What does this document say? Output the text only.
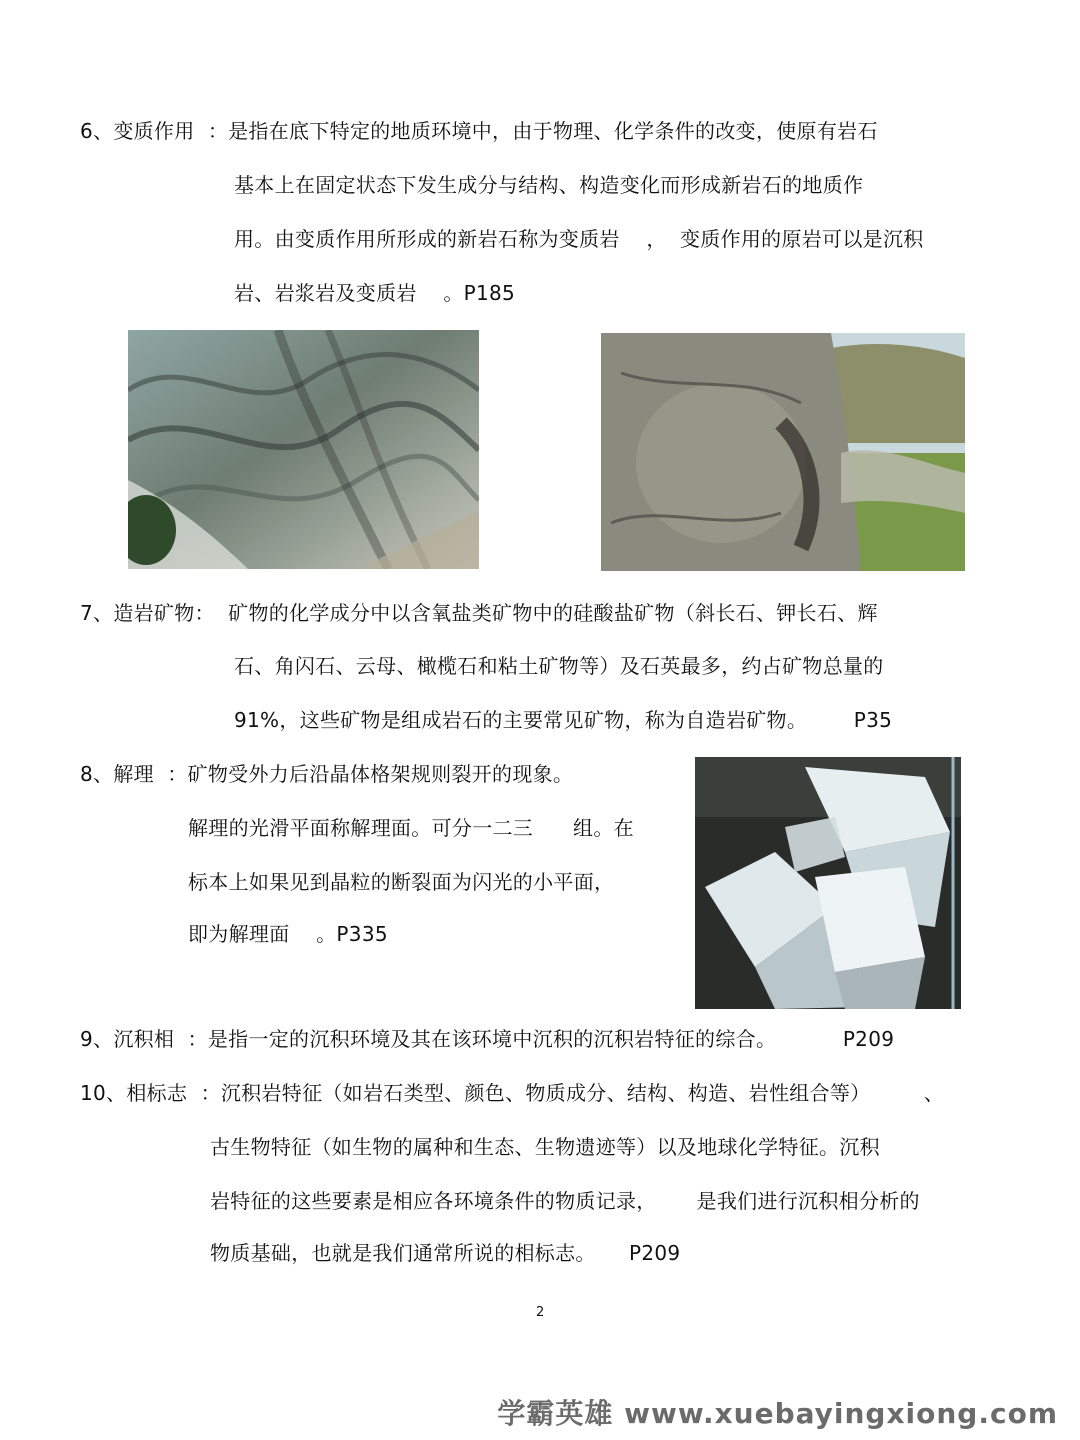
6、变质作用  ：是指在底下特定的地质环境中，由于物理、化学条件的改变，使原有岩石
基本上在固定状态下发生成分与结构、构造变化而形成新岩石的地质作
用。由变质作用所形成的新岩石称为变质岩    ，  变质作用的原岩可以是沉积
岩、岩浆岩及变质岩    。P185
7、造岩矿物：  矿物的化学成分中以含氧盐类矿物中的硅酸盐矿物（斜长石、钾长石、辉
石、角闪石、云母、橄榄石和粘土矿物等）及石英最多，约占矿物总量的
91%，这些矿物是组成岩石的主要常见矿物，称为自造岩矿物。       P35
8、解理  ：矿物受外力后沿晶体格架规则裂开的现象。
解理的光滑平面称解理面。可分一二三      组。在
标本上如果见到晶粒的断裂面为闪光的小平面，
即为解理面    。P335
9、沉积相  ：是指一定的沉积环境及其在该环境中沉积的沉积岩特征的综合。          P209
10、相标志  ：沉积岩特征（如岩石类型、颜色、物质成分、结构、构造、岩性组合等）        、
古生物特征（如生物的属种和生态、生物遗迹等）以及地球化学特征。沉积
岩特征的这些要素是相应各环境条件的物质记录，      是我们进行沉积相分析的
物质基础，也就是我们通常所说的相标志。     P209
2
学霸英雄 www.xuebayingxiong.com
